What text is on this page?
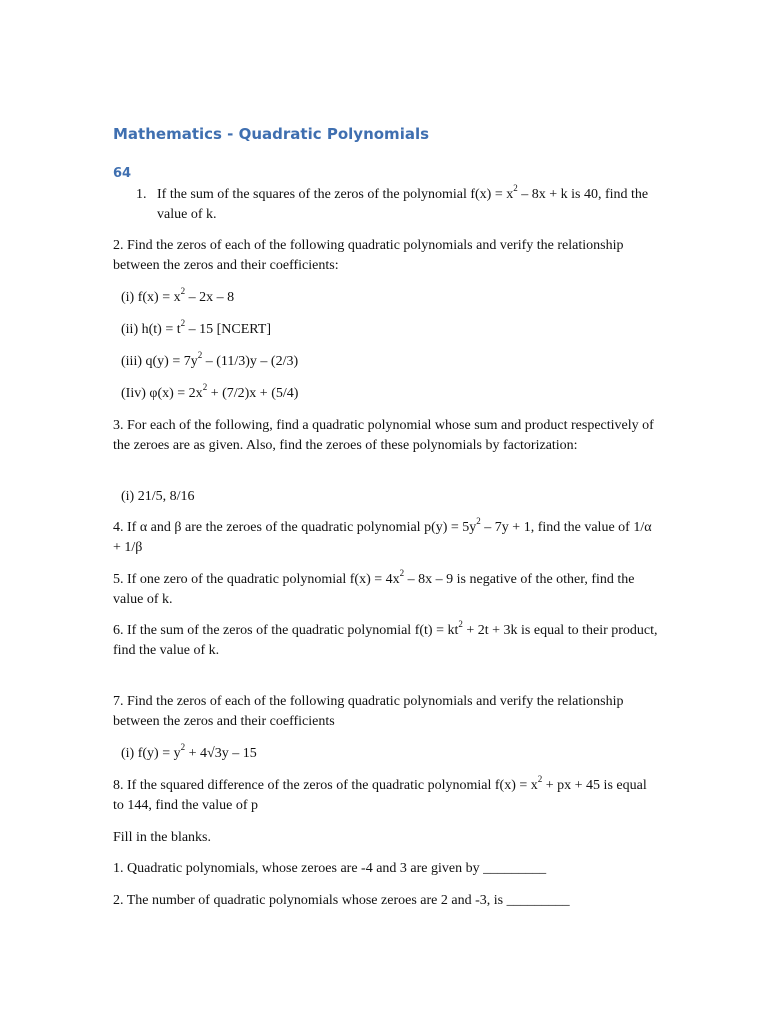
Mathematics - Quadratic Polynomials
64
1. If the sum of the squares of the zeros of the polynomial $f(x) = x^2 - 8x + k$ is 40, find the value of k.

2. Find the zeros of each of the following quadratic polynomials and verify the relationship between the zeros and their coefficients:

(i) $f(x) = x^2 - 2x - 8$

(ii) $h(t) = t^2 - 15$ [NCERT]

(iii) $q(y) = 7y^2 - (11/3)y - (2/3)$

(Iiv) $\varphi(x) = 2x^2 + (7/2)x + (5/4)$

3. For each of the following, find a quadratic polynomial whose sum and product respectively of the zeroes are as given. Also, find the zeroes of these polynomials by factorization:

(i) 21/5, 8/16

4. If α and β are the zeroes of the quadratic polynomial $p(y) = 5y^2 - 7y + 1$, find the value of 1/α + 1/β

5. If one zero of the quadratic polynomial $f(x) = 4x^2 - 8x - 9$ is negative of the other, find the value of k.

6. If the sum of the zeros of the quadratic polynomial $f(t) = kt^2 + 2t + 3k$ is equal to their product, find the value of k.

7. Find the zeros of each of the following quadratic polynomials and verify the relationship between the zeros and their coefficients

(i) $f(y) = y^2 + 4√3y - 15$

8. If the squared difference of the zeros of the quadratic polynomial $f(x) = x^2$ + px + 45 is equal to 144, find the value of p

Fill in the blanks.

1. Quadratic polynomials, whose zeroes are -4 and 3 are given by _________

2. The number of quadratic polynomials whose zeroes are 2 and -3, is _________
